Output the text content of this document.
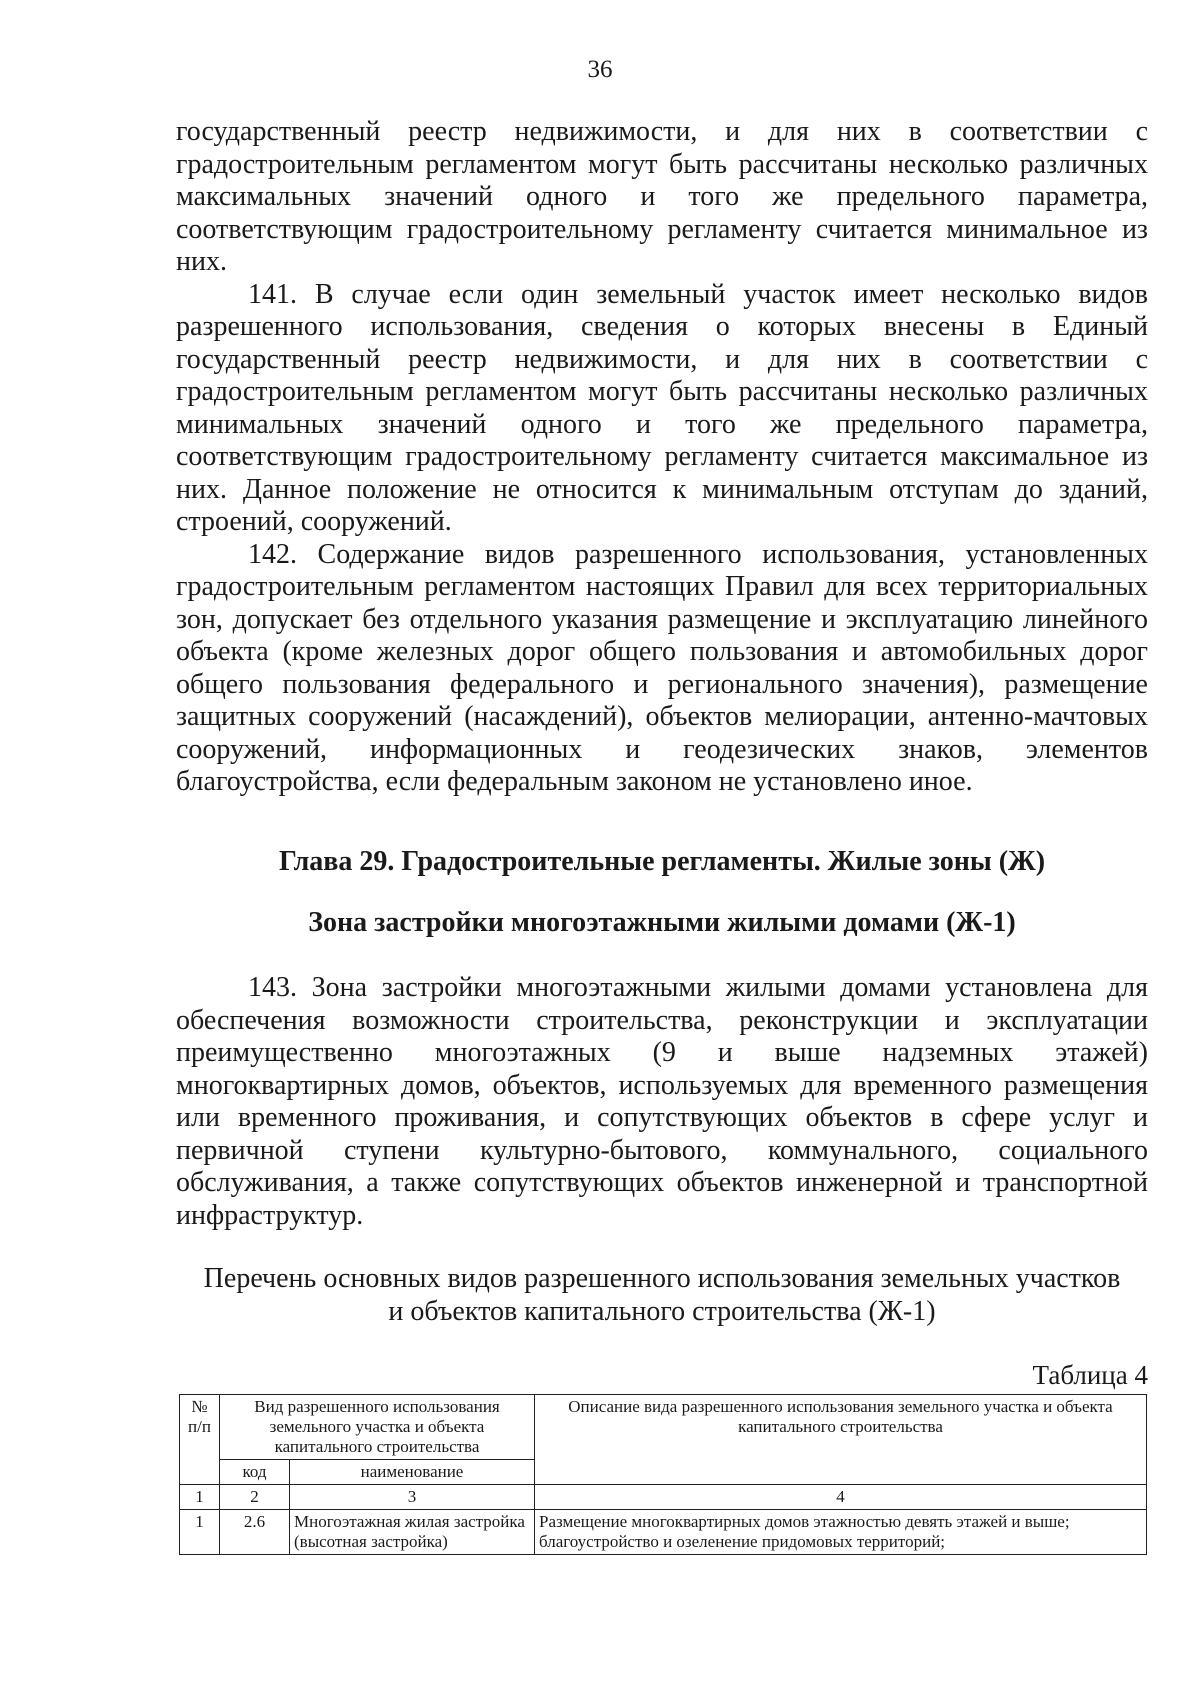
36

государственный реестр недвижимости, и для них в соответствии с градостроительным регламентом могут быть рассчитаны несколько различных максимальных значений одного и того же предельного параметра, соответствующим градостроительному регламенту считается минимальное из них.

141. В случае если один земельный участок имеет несколько видов разрешенного использования, сведения о которых внесены в Единый государственный реестр недвижимости, и для них в соответствии с градостроительным регламентом могут быть рассчитаны несколько различных минимальных значений одного и того же предельного параметра, соответствующим градостроительному регламенту считается максимальное из них. Данное положение не относится к минимальным отступам до зданий, строений, сооружений.

142. Содержание видов разрешенного использования, установленных градостроительным регламентом настоящих Правил для всех территориальных зон, допускает без отдельного указания размещение и эксплуатацию линейного объекта (кроме железных дорог общего пользования и автомобильных дорог общего пользования федерального и регионального значения), размещение защитных сооружений (насаждений), объектов мелиорации, антенно-мачтовых сооружений, информационных и геодезических знаков, элементов благоустройства, если федеральным законом не установлено иное.

Глава 29. Градостроительные регламенты. Жилые зоны (Ж)
Зона застройки многоэтажными жилыми домами (Ж-1)

143. Зона застройки многоэтажными жилыми домами установлена для обеспечения возможности строительства, реконструкции и эксплуатации преимущественно многоэтажных (9 и выше надземных этажей) многоквартирных домов, объектов, используемых для временного размещения или временного проживания, и сопутствующих объектов в сфере услуг и первичной ступени культурно-бытового, коммунального, социального обслуживания, а также сопутствующих объектов инженерной и транспортной инфраструктур.

Перечень основных видов разрешенного использования земельных участков
и объектов капитального строительства (Ж-1)
Таблица 4
№ п/п	Вид разрешенного использования земельного участка и объекта капитального строительства		Описание вида разрешенного использования земельного участка и объекта капитального строительства
	код	наименование	
1	2	3	4
1	2.6	Многоэтажная жилая застройка (высотная застройка)	Размещение многоквартирных домов этажностью девять этажей и выше;
благоустройство и озеленение придомовых территорий;
